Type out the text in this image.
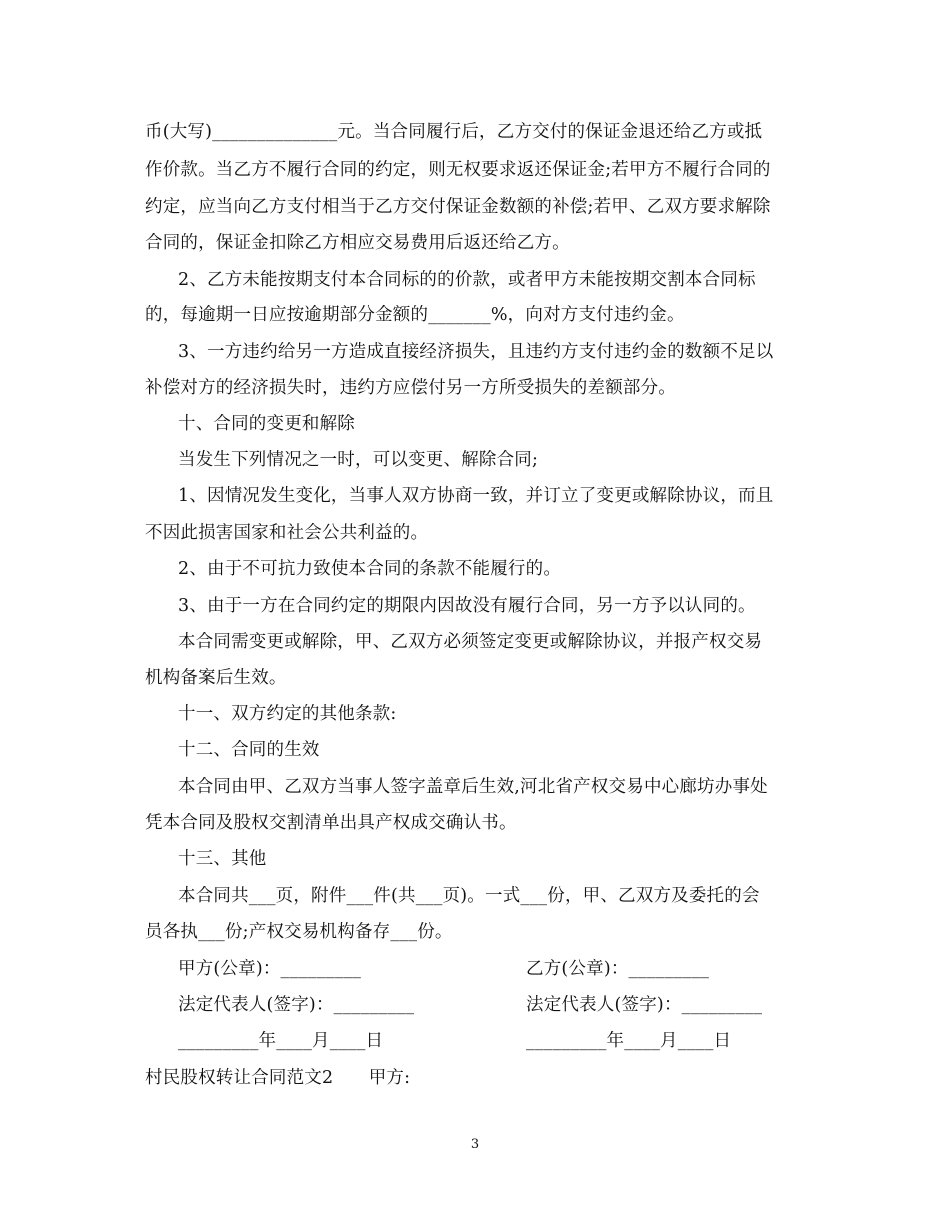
币(大写)______________元。当合同履行后，乙方交付的保证金退还给乙方或抵
作价款。当乙方不履行合同的约定，则无权要求返还保证金;若甲方不履行合同的
约定，应当向乙方支付相当于乙方交付保证金数额的补偿;若甲、乙双方要求解除
合同的，保证金扣除乙方相应交易费用后返还给乙方。
2、乙方未能按期支付本合同标的的价款，或者甲方未能按期交割本合同标
的，每逾期一日应按逾期部分金额的_______%，向对方支付违约金。
3、一方违约给另一方造成直接经济损失，且违约方支付违约金的数额不足以
补偿对方的经济损失时，违约方应偿付另一方所受损失的差额部分。
十、合同的变更和解除
当发生下列情况之一时，可以变更、解除合同;
1、因情况发生变化，当事人双方协商一致，并订立了变更或解除协议，而且
不因此损害国家和社会公共利益的。
2、由于不可抗力致使本合同的条款不能履行的。
3、由于一方在合同约定的期限内因故没有履行合同，另一方予以认同的。
本合同需变更或解除，甲、乙双方必须签定变更或解除协议，并报产权交易
机构备案后生效。
十一、双方约定的其他条款:
十二、合同的生效
本合同由甲、乙双方当事人签字盖章后生效,河北省产权交易中心廊坊办事处
凭本合同及股权交割清单出具产权成交确认书。
十三、其他
本合同共___页，附件___件(共___页)。一式___份，甲、乙双方及委托的会
员各执___份;产权交易机构备存___份。
甲方(公章)：_________	乙方(公章)：_________
法定代表人(签字)：_________	法定代表人(签字)：_________
_________年____月____日	_________年____月____日
村民股权转让合同范文2　　甲方:
3
